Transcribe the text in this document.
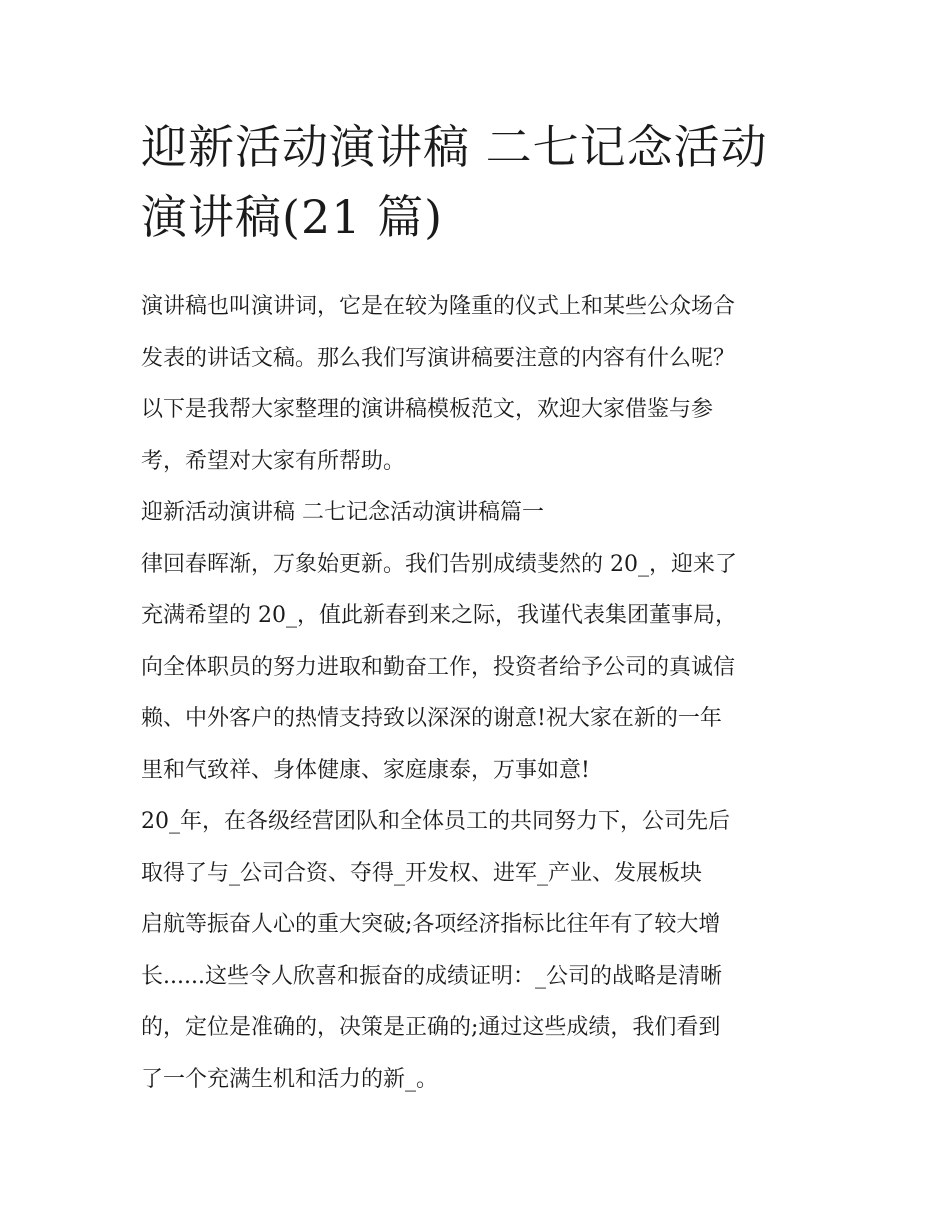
迎新活动演讲稿 二七记念活动
演讲稿(21 篇)

演讲稿也叫演讲词，它是在较为隆重的仪式上和某些公众场合
发表的讲话文稿。那么我们写演讲稿要注意的内容有什么呢？
以下是我帮大家整理的演讲稿模板范文，欢迎大家借鉴与参
考，希望对大家有所帮助。

迎新活动演讲稿 二七记念活动演讲稿篇一

律回春晖渐，万象始更新。我们告别成绩斐然的 20_，迎来了
充满希望的 20_，值此新春到来之际，我谨代表集团董事局，
向全体职员的努力进取和勤奋工作，投资者给予公司的真诚信
赖、中外客户的热情支持致以深深的谢意!祝大家在新的一年
里和气致祥、身体健康、家庭康泰，万事如意!

20_年，在各级经营团队和全体员工的共同努力下，公司先后
取得了与_公司合资、夺得_开发权、进军_产业、发展板块
启航等振奋人心的重大突破;各项经济指标比往年有了较大增
长......这些令人欣喜和振奋的成绩证明：_公司的战略是清晰
的，定位是准确的，决策是正确的;通过这些成绩，我们看到
了一个充满生机和活力的新_。
